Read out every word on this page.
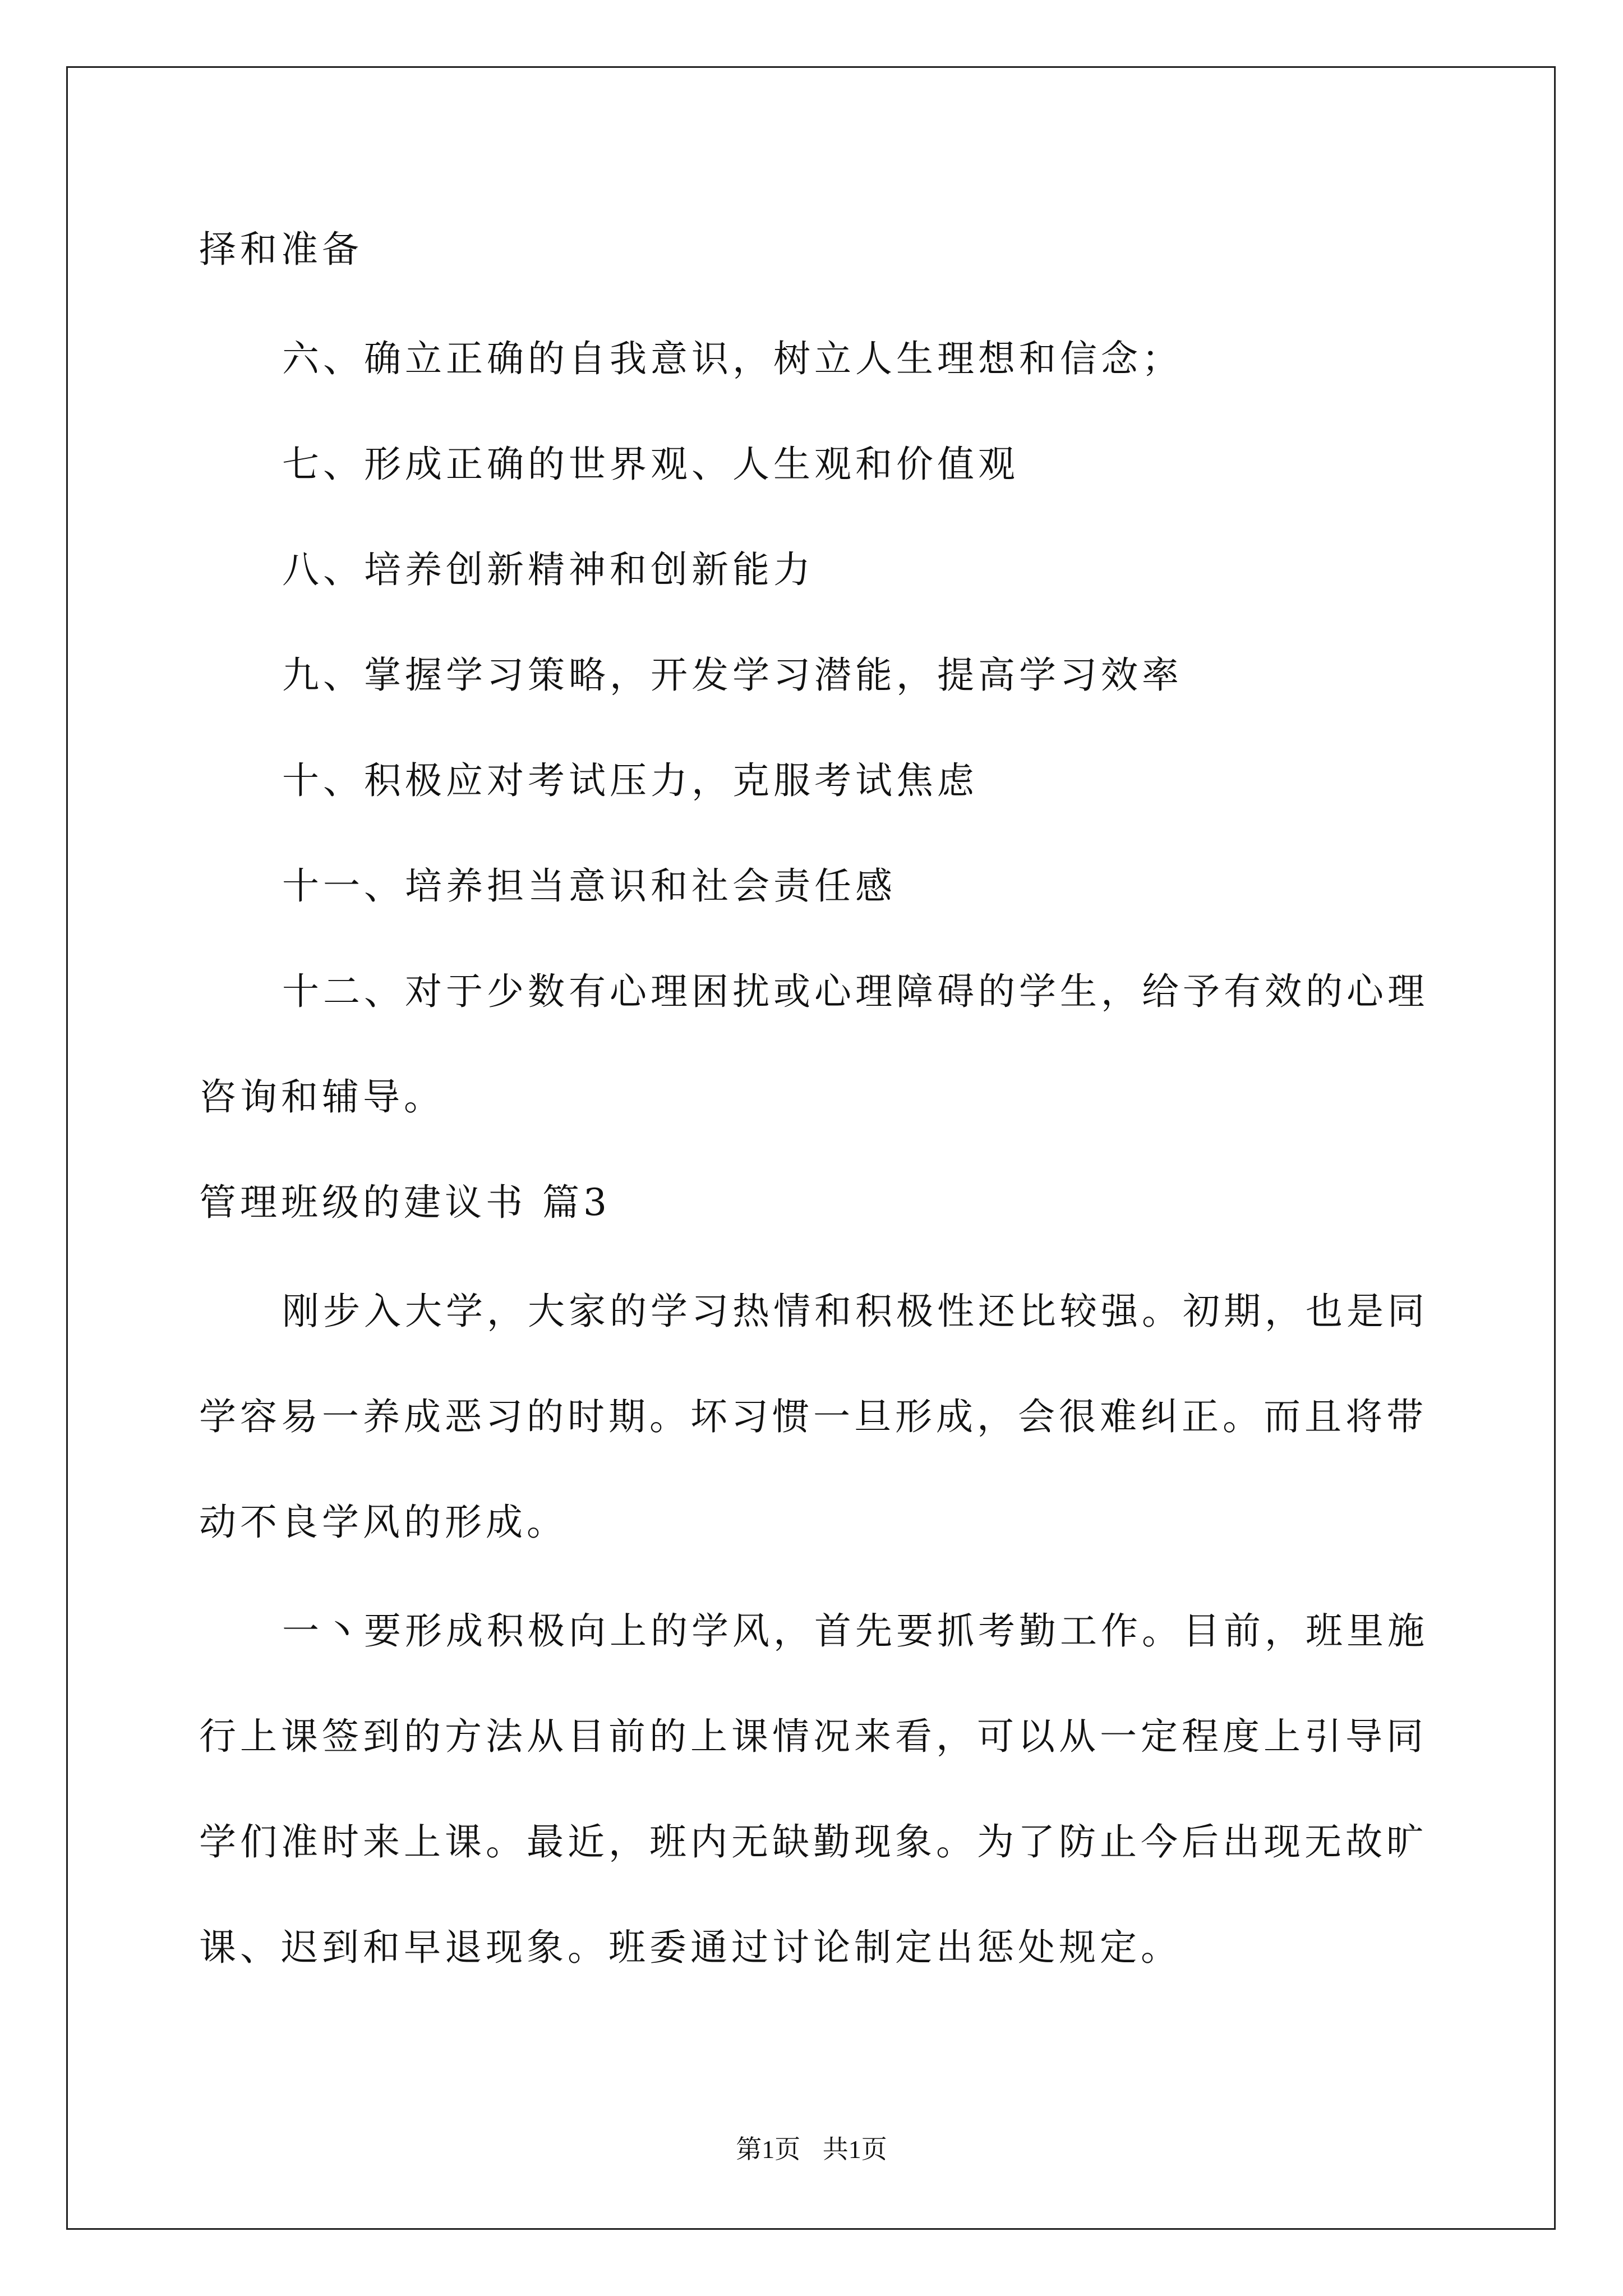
择和准备
六、确立正确的自我意识，树立人生理想和信念；
七、形成正确的世界观、人生观和价值观
八、培养创新精神和创新能力
九、掌握学习策略，开发学习潜能，提高学习效率
十、积极应对考试压力，克服考试焦虑
十一、培养担当意识和社会责任感
十二、对于少数有心理困扰或心理障碍的学生，给予有效的心理
咨询和辅导。
管理班级的建议书 篇3
刚步入大学，大家的学习热情和积极性还比较强。初期，也是同
学容易一养成恶习的时期。坏习惯一旦形成，会很难纠正。而且将带
动不良学风的形成。
一丶要形成积极向上的学风，首先要抓考勤工作。目前，班里施
行上课签到的方法从目前的上课情况来看，可以从一定程度上引导同
学们准时来上课。最近，班内无缺勤现象。为了防止今后出现无故旷
课、迟到和早退现象。班委通过讨论制定出惩处规定。
第1页 共1页
